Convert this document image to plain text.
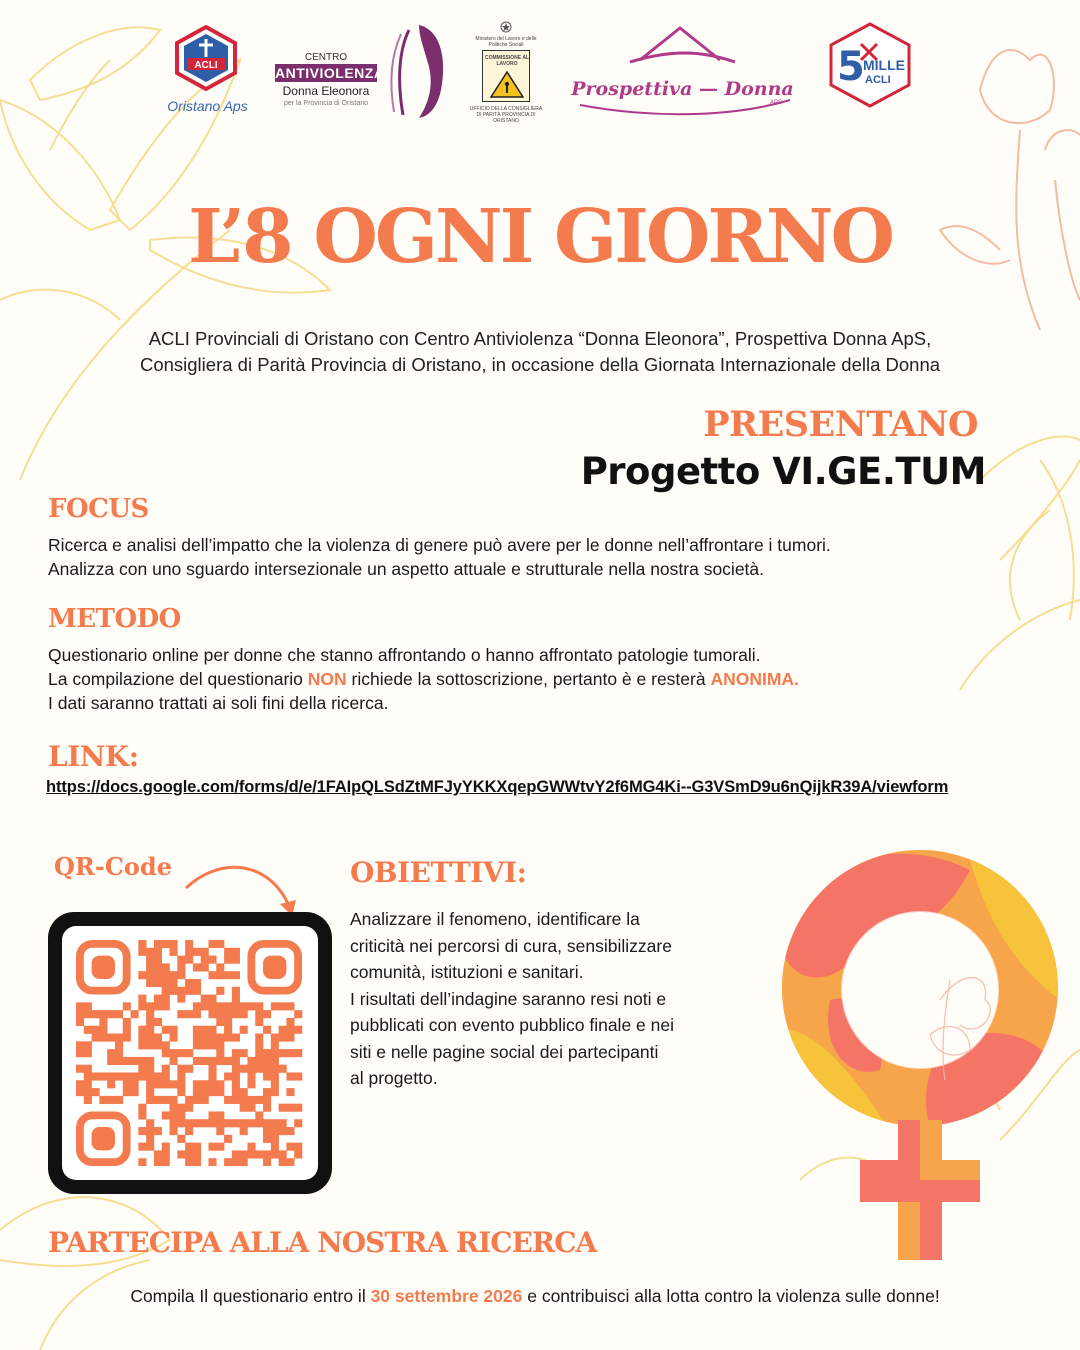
ACLI
Oristano Aps
CENTRO
ANTIVIOLENZA
Donna Eleonora
per la Provincia di Oristano
Ministero del Lavoro e delle Politiche Sociali
COMMISSIONE AL LAVORO
UFFICIO DELLA CONSIGLIERA DI PARITÀ PROVINCIA DI ORISTANO
Prospettiva — Donna
APS
5
MILLE
ACLI
L’8 OGNI GIORNO
ACLI Provinciali di Oristano con Centro Antiviolenza “Donna Eleonora”, Prospettiva Donna ApS,
Consigliera di Parità Provincia di Oristano, in occasione della Giornata Internazionale della Donna
PRESENTANO
Progetto VI.GE.TUM
FOCUS
Ricerca e analisi dell’impatto che la violenza di genere può avere per le donne nell’affrontare i tumori.
Analizza con uno sguardo intersezionale un aspetto attuale e strutturale nella nostra società.
METODO
Questionario online per donne che stanno affrontando o hanno affrontato patologie tumorali.
La compilazione del questionario NON richiede la sottoscrizione, pertanto è e resterà ANONIMA.
I dati saranno trattati ai soli fini della ricerca.
LINK:
https://docs.google.com/forms/d/e/1FAIpQLSdZtMFJyYKKXqepGWWtvY2f6MG4Ki--G3VSmD9u6nQijkR39A/viewform
QR-Code	OBIETTIVI:
Analizzare il fenomeno, identificare la
criticità nei percorsi di cura, sensibilizzare
comunità, istituzioni e sanitari.
I risultati dell’indagine saranno resi noti e
pubblicati con evento pubblico finale e nei
siti e nelle pagine social dei partecipanti
al progetto.
PARTECIPA ALLA NOSTRA RICERCA
Compila Il questionario entro il 30 settembre 2026 e contribuisci alla lotta contro la violenza sulle donne!
